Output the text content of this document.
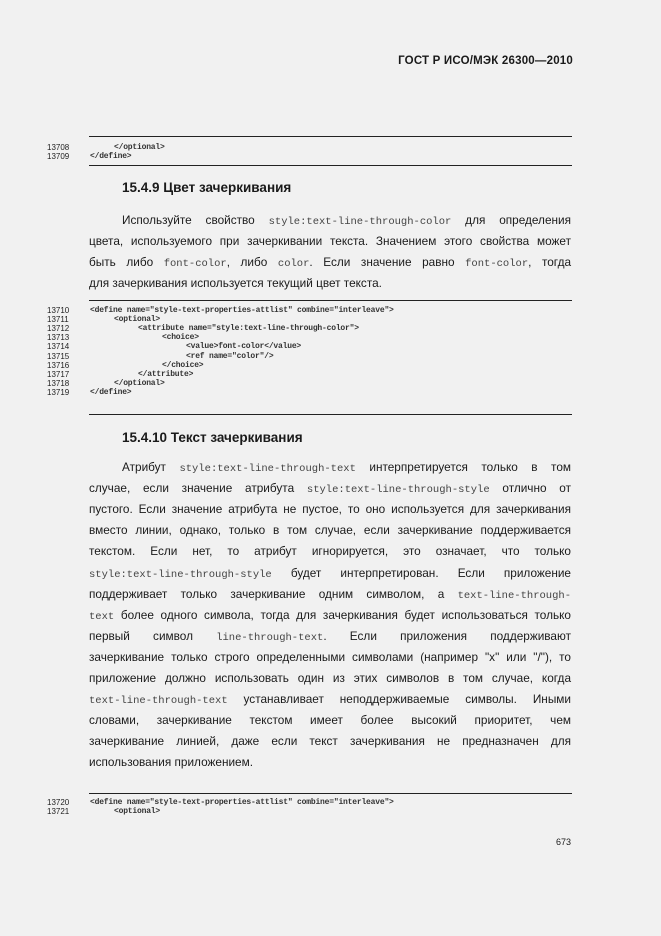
ГОСТ Р ИСО/МЭК 26300—2010
13708	</optional>
13709	</define>
15.4.9 Цвет зачеркивания
Используйте свойство style:text-line-through-color для определения
цвета, используемого при зачеркивании текста. Значением этого свойства может
быть либо font-color, либо color. Если значение равно font-color, тогда
для зачеркивания используется текущий цвет текста.
13710	<define name="style-text-properties-attlist" combine="interleave">
13711	<optional>
13712	<attribute name="style:text-line-through-color">
13713	<choice>
13714	<value>font-color</value>
13715	<ref name="color"/>
13716	</choice>
13717	</attribute>
13718	</optional>
13719	</define>
15.4.10 Текст зачеркивания
Атрибут style:text-line-through-text интерпретируется только в том
случае, если значение атрибута style:text-line-through-style отлично от
пустого. Если значение атрибута не пустое, то оно используется для зачеркивания
вместо линии, однако, только в том случае, если зачеркивание поддерживается
текстом. Если нет, то атрибут игнорируется, это означает, что только
style:text-line-through-style будет интерпретирован. Если приложение
поддерживает только зачеркивание одним символом, а text-line-through-
text более одного символа, тогда для зачеркивания будет использоваться только
первый символ line-through-text. Если приложения поддерживают
зачеркивание только строго определенными символами (например "x" или "/"), то
приложение должно использовать один из этих символов в том случае, когда
text-line-through-text устанавливает неподдерживаемые символы. Иными
словами, зачеркивание текстом имеет более высокий приоритет, чем
зачеркивание линией, даже если текст зачеркивания не предназначен для
использования приложением.
13720	<define name="style-text-properties-attlist" combine="interleave">
13721	<optional>
673
